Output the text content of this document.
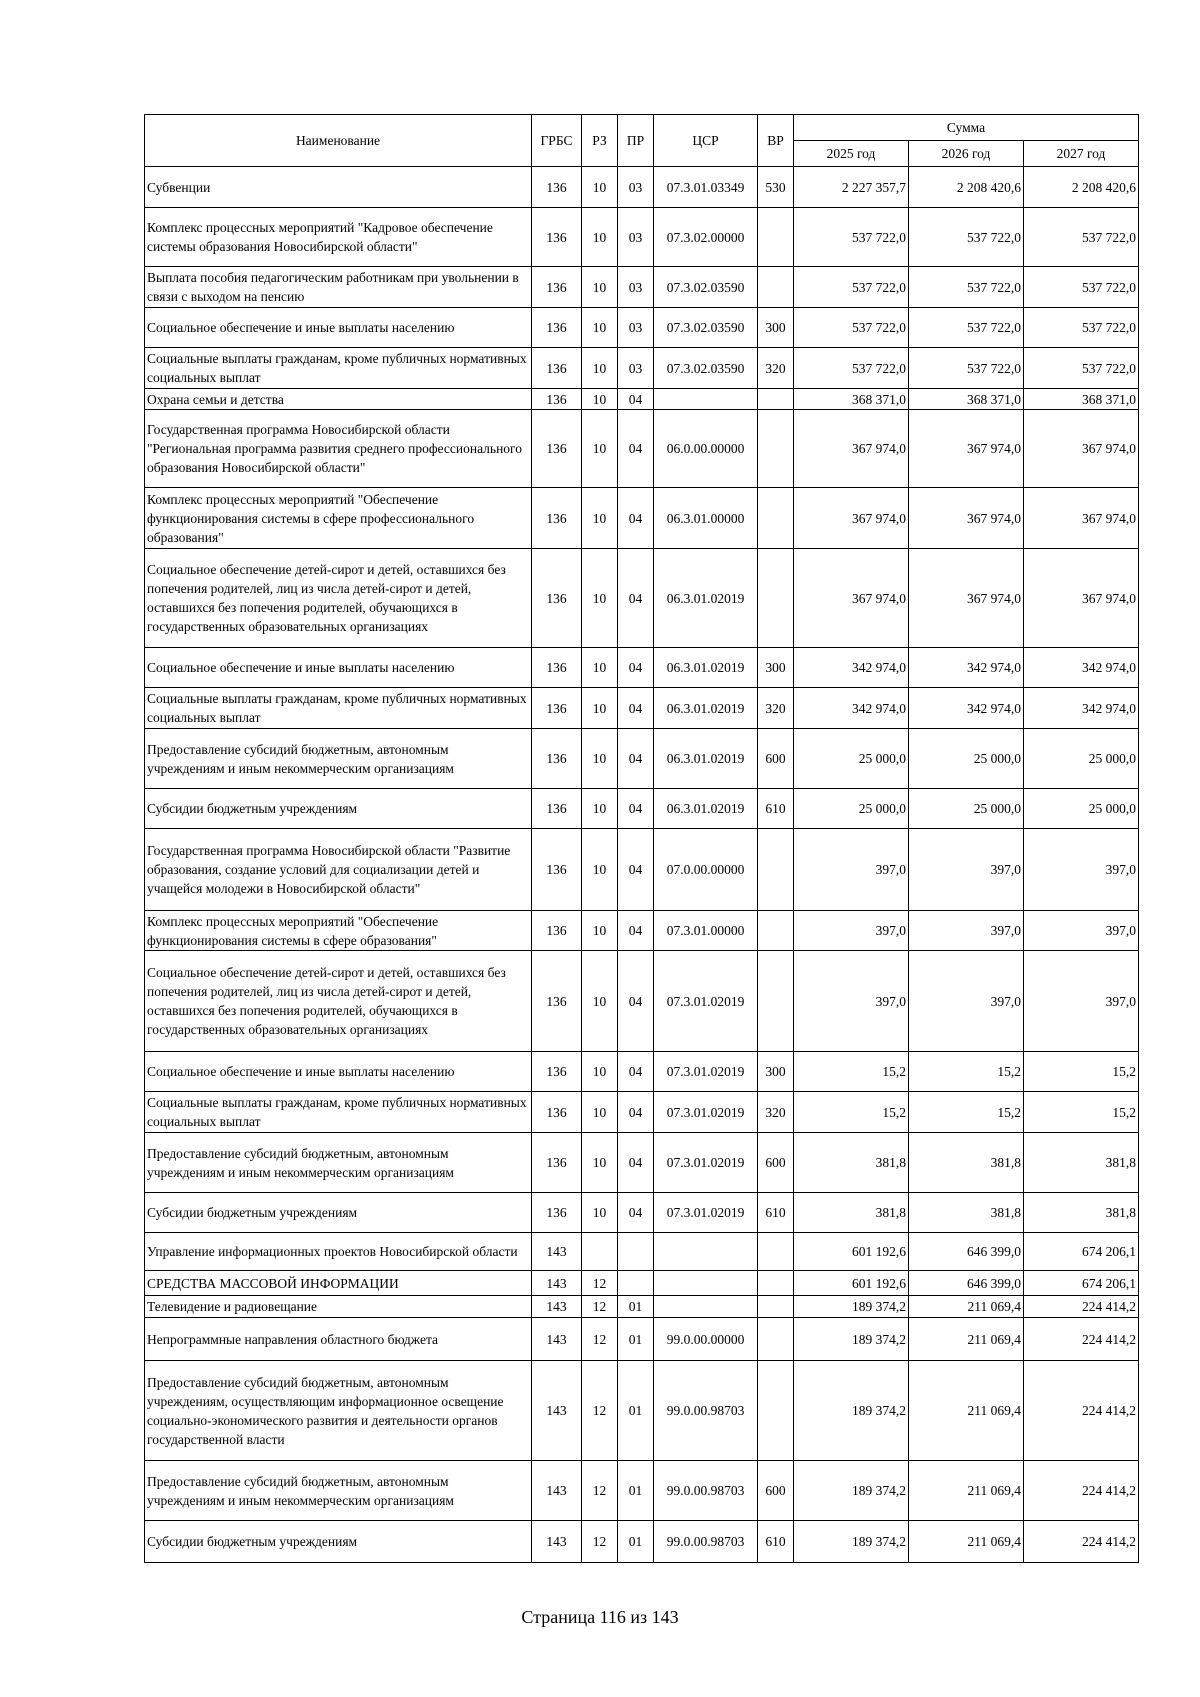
Наименование	ГРБС	РЗ	ПР	ЦСР	ВР	Сумма		
						2025 год	2026 год	2027 год
Субвенции	136	10	03	07.3.01.03349	530	2 227 357,7	2 208 420,6	2 208 420,6
Комплекс процессных мероприятий "Кадровое обеспечение системы образования Новосибирской области"	136	10	03	07.3.02.00000		537 722,0	537 722,0	537 722,0
Выплата пособия педагогическим работникам при увольнении в связи с выходом на пенсию	136	10	03	07.3.02.03590		537 722,0	537 722,0	537 722,0
Социальное обеспечение и иные выплаты населению	136	10	03	07.3.02.03590	300	537 722,0	537 722,0	537 722,0
Социальные выплаты гражданам, кроме публичных нормативных социальных выплат	136	10	03	07.3.02.03590	320	537 722,0	537 722,0	537 722,0
Охрана семьи и детства	136	10	04			368 371,0	368 371,0	368 371,0
Государственная программа Новосибирской области "Региональная программа развития среднего профессионального образования Новосибирской области"	136	10	04	06.0.00.00000		367 974,0	367 974,0	367 974,0
Комплекс процессных мероприятий "Обеспечение функционирования системы в сфере профессионального образования"	136	10	04	06.3.01.00000		367 974,0	367 974,0	367 974,0
Социальное обеспечение детей-сирот и детей, оставшихся без попечения родителей, лиц из числа детей-сирот и детей, оставшихся без попечения родителей, обучающихся в государственных образовательных организациях	136	10	04	06.3.01.02019		367 974,0	367 974,0	367 974,0
Социальное обеспечение и иные выплаты населению	136	10	04	06.3.01.02019	300	342 974,0	342 974,0	342 974,0
Социальные выплаты гражданам, кроме публичных нормативных социальных выплат	136	10	04	06.3.01.02019	320	342 974,0	342 974,0	342 974,0
Предоставление субсидий бюджетным, автономным учреждениям и иным некоммерческим организациям	136	10	04	06.3.01.02019	600	25 000,0	25 000,0	25 000,0
Субсидии бюджетным учреждениям	136	10	04	06.3.01.02019	610	25 000,0	25 000,0	25 000,0
Государственная программа Новосибирской области "Развитие образования, создание условий для социализации детей и учащейся молодежи в Новосибирской области"	136	10	04	07.0.00.00000		397,0	397,0	397,0
Комплекс процессных мероприятий "Обеспечение функционирования системы в сфере образования"	136	10	04	07.3.01.00000		397,0	397,0	397,0
Социальное обеспечение детей-сирот и детей, оставшихся без попечения родителей, лиц из числа детей-сирот и детей, оставшихся без попечения родителей, обучающихся в государственных образовательных организациях	136	10	04	07.3.01.02019		397,0	397,0	397,0
Социальное обеспечение и иные выплаты населению	136	10	04	07.3.01.02019	300	15,2	15,2	15,2
Социальные выплаты гражданам, кроме публичных нормативных социальных выплат	136	10	04	07.3.01.02019	320	15,2	15,2	15,2
Предоставление субсидий бюджетным, автономным учреждениям и иным некоммерческим организациям	136	10	04	07.3.01.02019	600	381,8	381,8	381,8
Субсидии бюджетным учреждениям	136	10	04	07.3.01.02019	610	381,8	381,8	381,8
Управление информационных проектов Новосибирской области	143					601 192,6	646 399,0	674 206,1
СРЕДСТВА МАССОВОЙ ИНФОРМАЦИИ	143	12				601 192,6	646 399,0	674 206,1
Телевидение и радиовещание	143	12	01			189 374,2	211 069,4	224 414,2
Непрограммные направления областного бюджета	143	12	01	99.0.00.00000		189 374,2	211 069,4	224 414,2
Предоставление субсидий бюджетным, автономным учреждениям, осуществляющим информационное освещение социально-экономического развития и деятельности органов государственной власти	143	12	01	99.0.00.98703		189 374,2	211 069,4	224 414,2
Предоставление субсидий бюджетным, автономным учреждениям и иным некоммерческим организациям	143	12	01	99.0.00.98703	600	189 374,2	211 069,4	224 414,2
Субсидии бюджетным учреждениям	143	12	01	99.0.00.98703	610	189 374,2	211 069,4	224 414,2
Страница 116 из 143
